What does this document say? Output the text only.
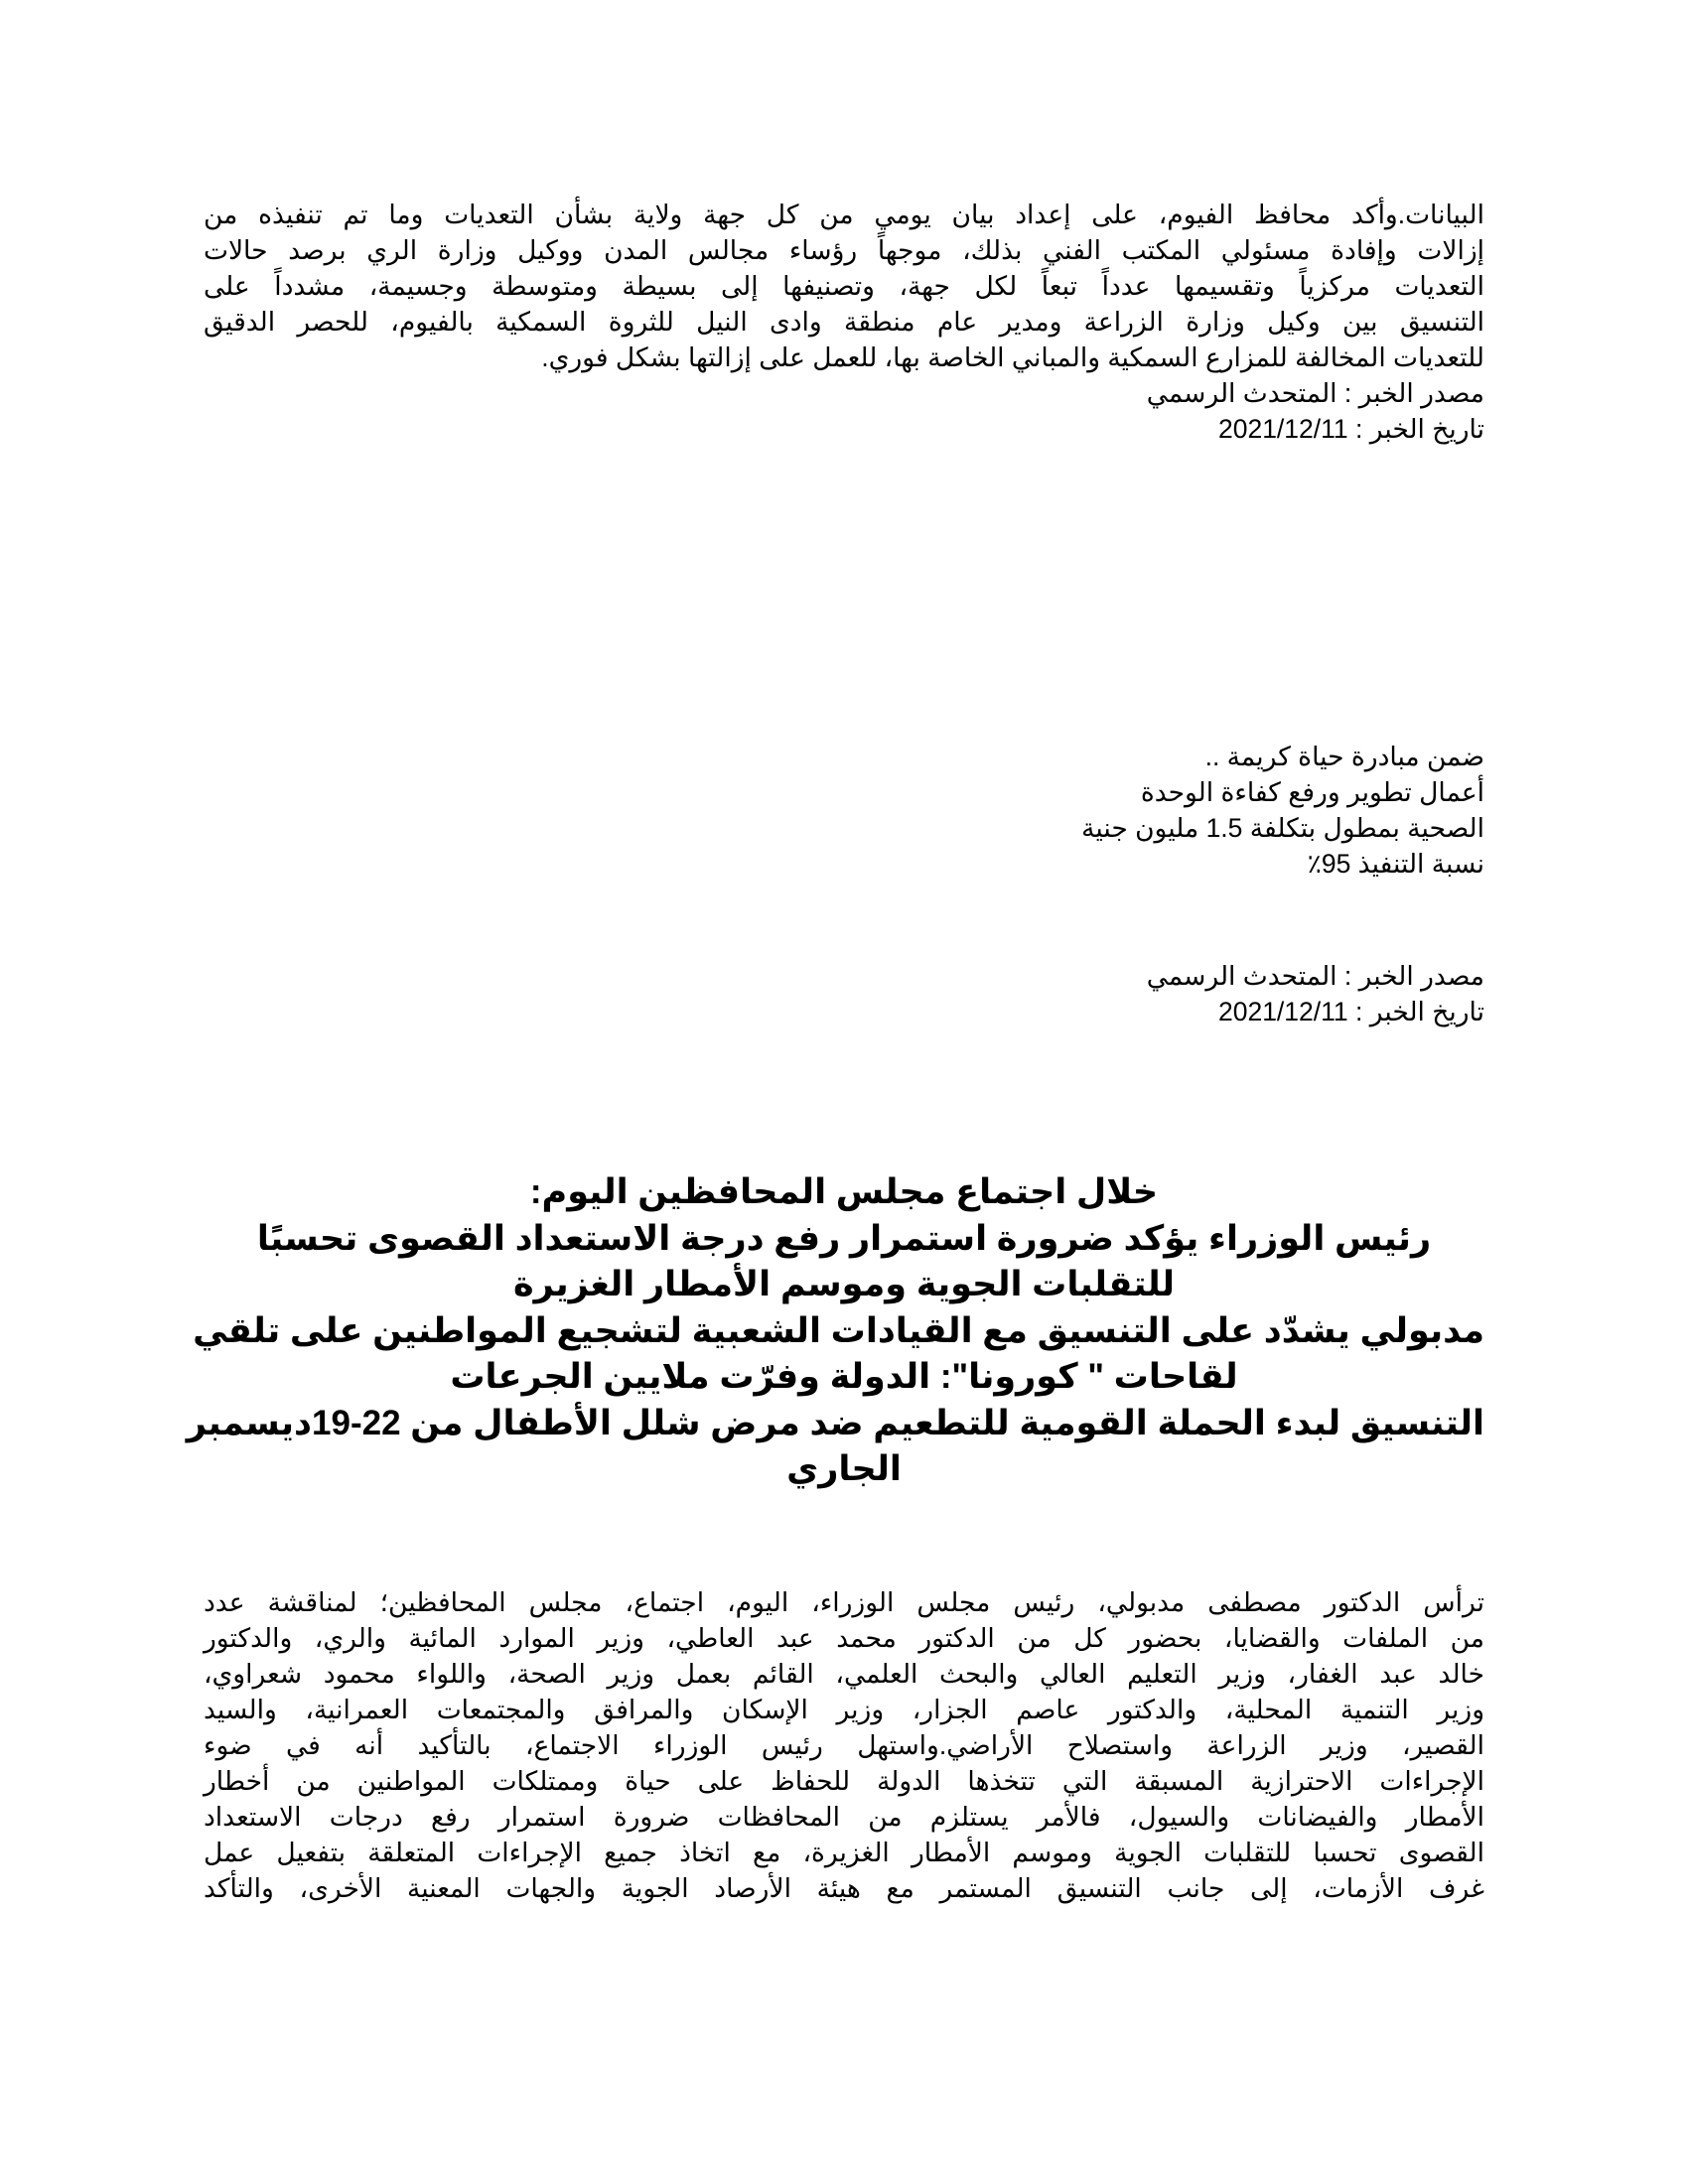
البيانات.وأكد محافظ الفيوم، على إعداد بيان يومي من كل جهة ولاية بشأن التعديات وما تم تنفيذه من
إزالات وإفادة مسئولي المكتب الفني بذلك، موجهاً رؤساء مجالس المدن ووكيل وزارة الري برصد حالات
التعديات مركزياً وتقسيمها عدداً تبعاً لكل جهة، وتصنيفها إلى بسيطة ومتوسطة وجسيمة، مشدداً على
التنسيق بين وكيل وزارة الزراعة ومدير عام منطقة وادى النيل للثروة السمكية بالفيوم، للحصر الدقيق
للتعديات المخالفة للمزارع السمكية والمباني الخاصة بها، للعمل على إزالتها بشكل فوري.

مصدر الخبر : المتحدث الرسمي
تاريخ الخبر : 2021/12/11
ضمن مبادرة حياة كريمة ..
أعمال تطوير ورفع كفاءة الوحدة
الصحية بمطول بتكلفة 1.5 مليون جنية
نسبة التنفيذ 95٪
مصدر الخبر : المتحدث الرسمي
تاريخ الخبر : 2021/12/11
خلال اجتماع مجلس المحافظين اليوم:
رئيس الوزراء يؤكد ضرورة استمرار رفع درجة الاستعداد القصوى تحسبًا
للتقلبات الجوية وموسم الأمطار الغزيرة
مدبولي يشدّد على التنسيق مع القيادات الشعبية لتشجيع المواطنين على تلقي
لقاحات " كورونا": الدولة وفرّت ملايين الجرعات
التنسيق لبدء الحملة القومية للتطعيم ضد مرض شلل الأطفال من 22-19ديسمبر
الجاري

ترأس الدكتور مصطفى مدبولي، رئيس مجلس الوزراء، اليوم، اجتماع، مجلس المحافظين؛ لمناقشة عدد
من الملفات والقضايا، بحضور كل من الدكتور محمد عبد العاطي، وزير الموارد المائية والري، والدكتور
خالد عبد الغفار، وزير التعليم العالي والبحث العلمي، القائم بعمل وزير الصحة، واللواء محمود شعراوي،
وزير التنمية المحلية، والدكتور عاصم الجزار، وزير الإسكان والمرافق والمجتمعات العمرانية، والسيد
القصير، وزير الزراعة واستصلاح الأراضي.واستهل رئيس الوزراء الاجتماع، بالتأكيد أنه في ضوء
الإجراءات الاحترازية المسبقة التي تتخذها الدولة للحفاظ على حياة وممتلكات المواطنين من أخطار
الأمطار والفيضانات والسيول، فالأمر يستلزم من المحافظات ضرورة استمرار رفع درجات الاستعداد
القصوى تحسبا للتقلبات الجوية وموسم الأمطار الغزيرة، مع اتخاذ جميع الإجراءات المتعلقة بتفعيل عمل
غرف الأزمات، إلى جانب التنسيق المستمر مع هيئة الأرصاد الجوية والجهات المعنية الأخرى، والتأكد
